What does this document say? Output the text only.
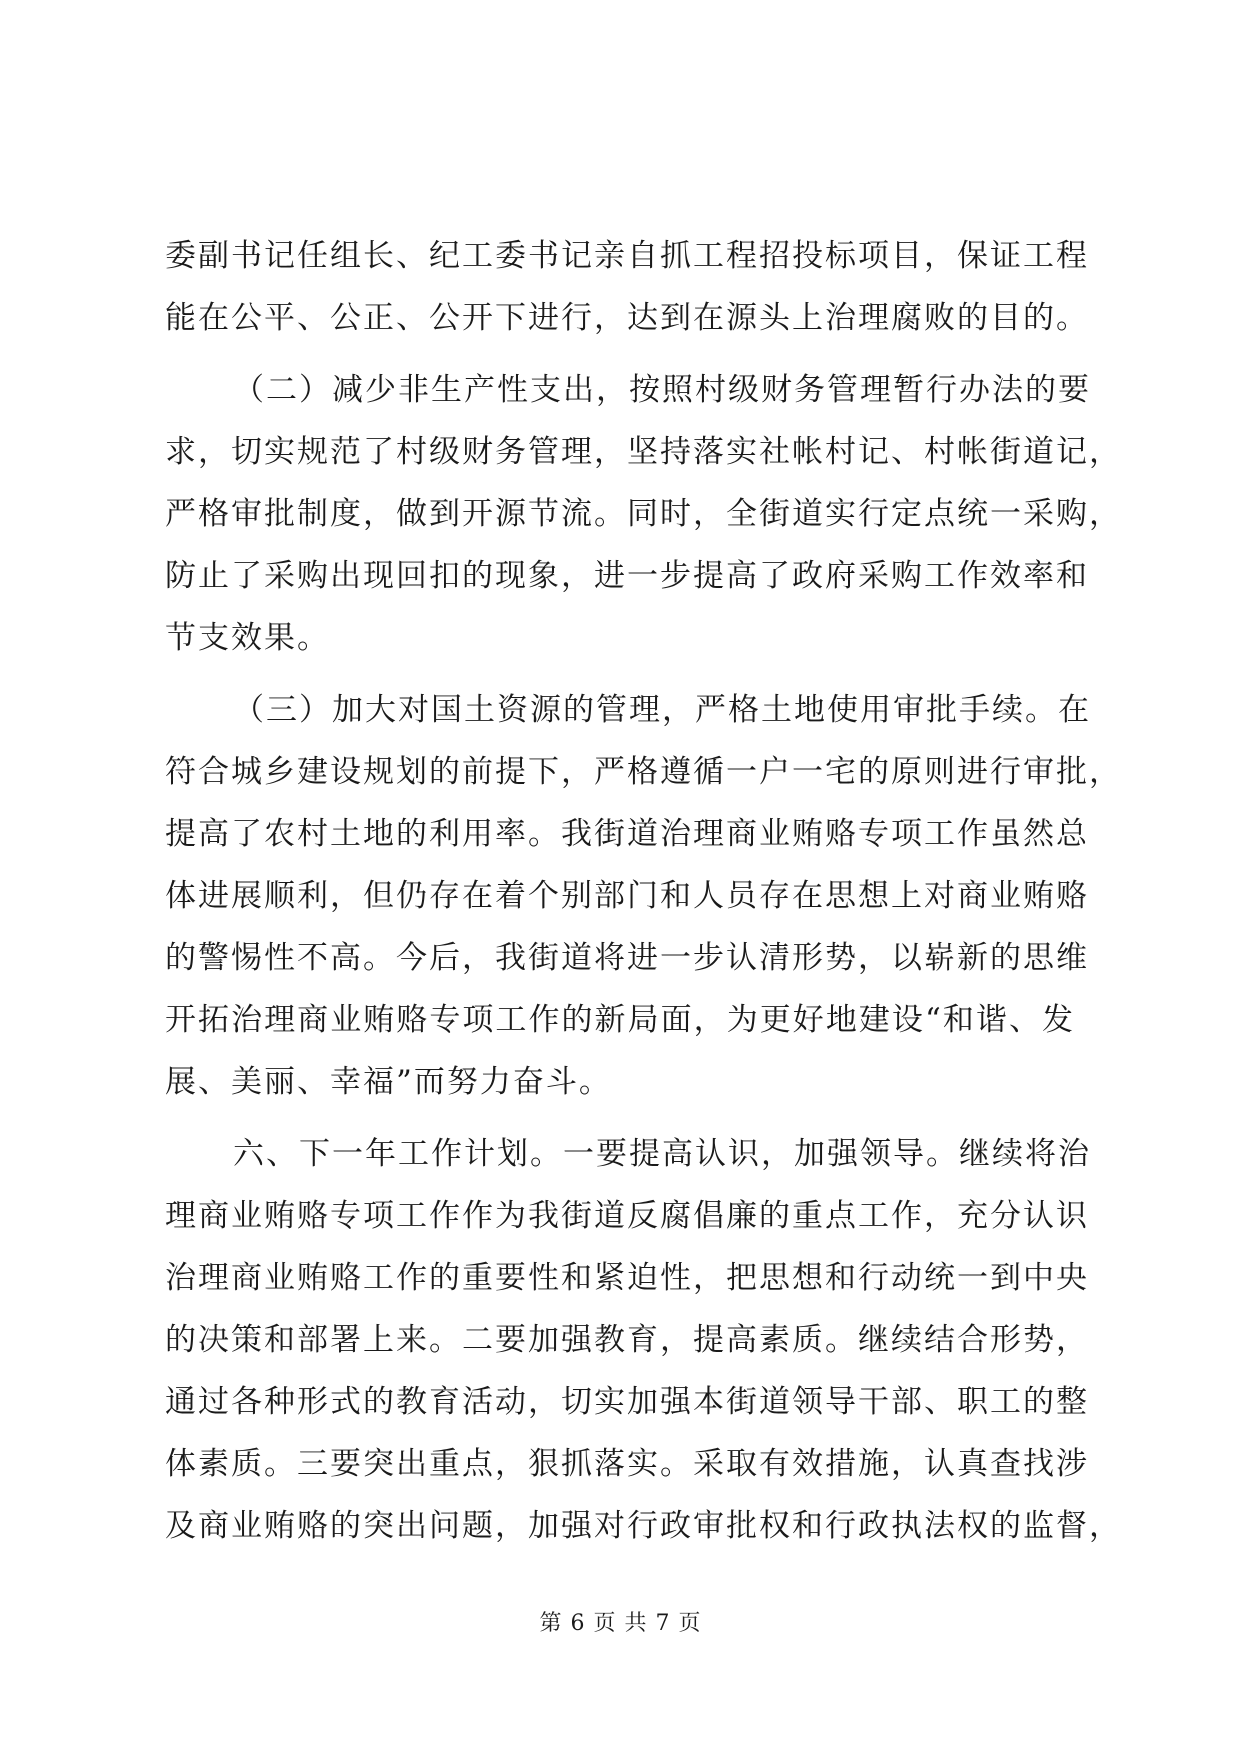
委副书记任组长、纪工委书记亲自抓工程招投标项目，保证工程
能在公平、公正、公开下进行，达到在源头上治理腐败的目的。
（二）减少非生产性支出，按照村级财务管理暂行办法的要
求，切实规范了村级财务管理，坚持落实社帐村记、村帐街道记，
严格审批制度，做到开源节流。同时，全街道实行定点统一采购，
防止了采购出现回扣的现象，进一步提高了政府采购工作效率和
节支效果。
（三）加大对国土资源的管理，严格土地使用审批手续。在
符合城乡建设规划的前提下，严格遵循一户一宅的原则进行审批，
提高了农村土地的利用率。我街道治理商业贿赂专项工作虽然总
体进展顺利，但仍存在着个别部门和人员存在思想上对商业贿赂
的警惕性不高。今后，我街道将进一步认清形势，以崭新的思维
开拓治理商业贿赂专项工作的新局面，为更好地建设“和谐、发
展、美丽、幸福”而努力奋斗。
六、下一年工作计划。一要提高认识，加强领导。继续将治
理商业贿赂专项工作作为我街道反腐倡廉的重点工作，充分认识
治理商业贿赂工作的重要性和紧迫性，把思想和行动统一到中央
的决策和部署上来。二要加强教育，提高素质。继续结合形势，
通过各种形式的教育活动，切实加强本街道领导干部、职工的整
体素质。三要突出重点，狠抓落实。采取有效措施，认真查找涉
及商业贿赂的突出问题，加强对行政审批权和行政执法权的监督，
第 6 页 共 7 页
